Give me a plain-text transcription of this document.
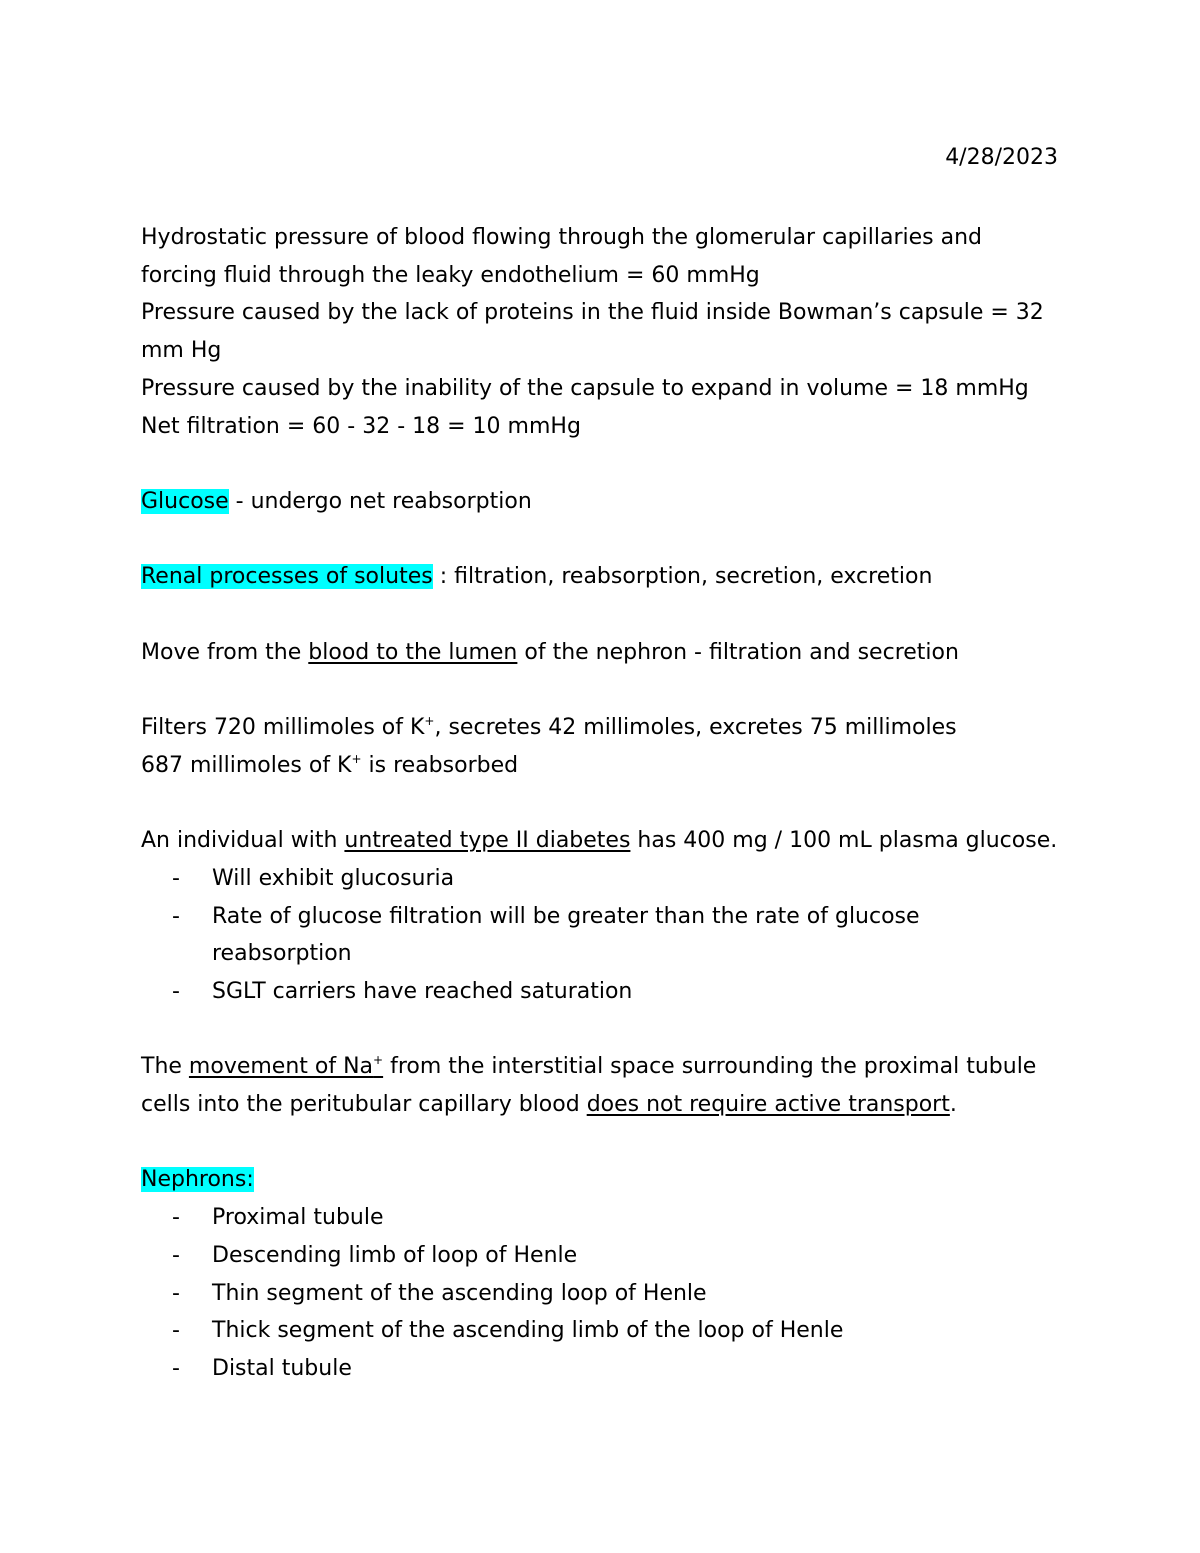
4/28/2023
Hydrostatic pressure of blood flowing through the glomerular capillaries and
forcing fluid through the leaky endothelium = 60 mmHg
Pressure caused by the lack of proteins in the fluid inside Bowman’s capsule = 32
mm Hg
Pressure caused by the inability of the capsule to expand in volume = 18 mmHg
Net filtration = 60 - 32 - 18 = 10 mmHg
Glucose - undergo net reabsorption
Renal processes of solutes : filtration, reabsorption, secretion, excretion
Move from the blood to the lumen of the nephron - filtration and secretion
Filters 720 millimoles of K+, secretes 42 millimoles, excretes 75 millimoles
687 millimoles of K+ is reabsorbed
An individual with untreated type II diabetes has 400 mg / 100 mL plasma glucose.
- Will exhibit glucosuria
- Rate of glucose filtration will be greater than the rate of glucose
reabsorption
- SGLT carriers have reached saturation
The movement of Na+ from the interstitial space surrounding the proximal tubule
cells into the peritubular capillary blood does not require active transport.
Nephrons:
- Proximal tubule
- Descending limb of loop of Henle
- Thin segment of the ascending loop of Henle
- Thick segment of the ascending limb of the loop of Henle
- Distal tubule
